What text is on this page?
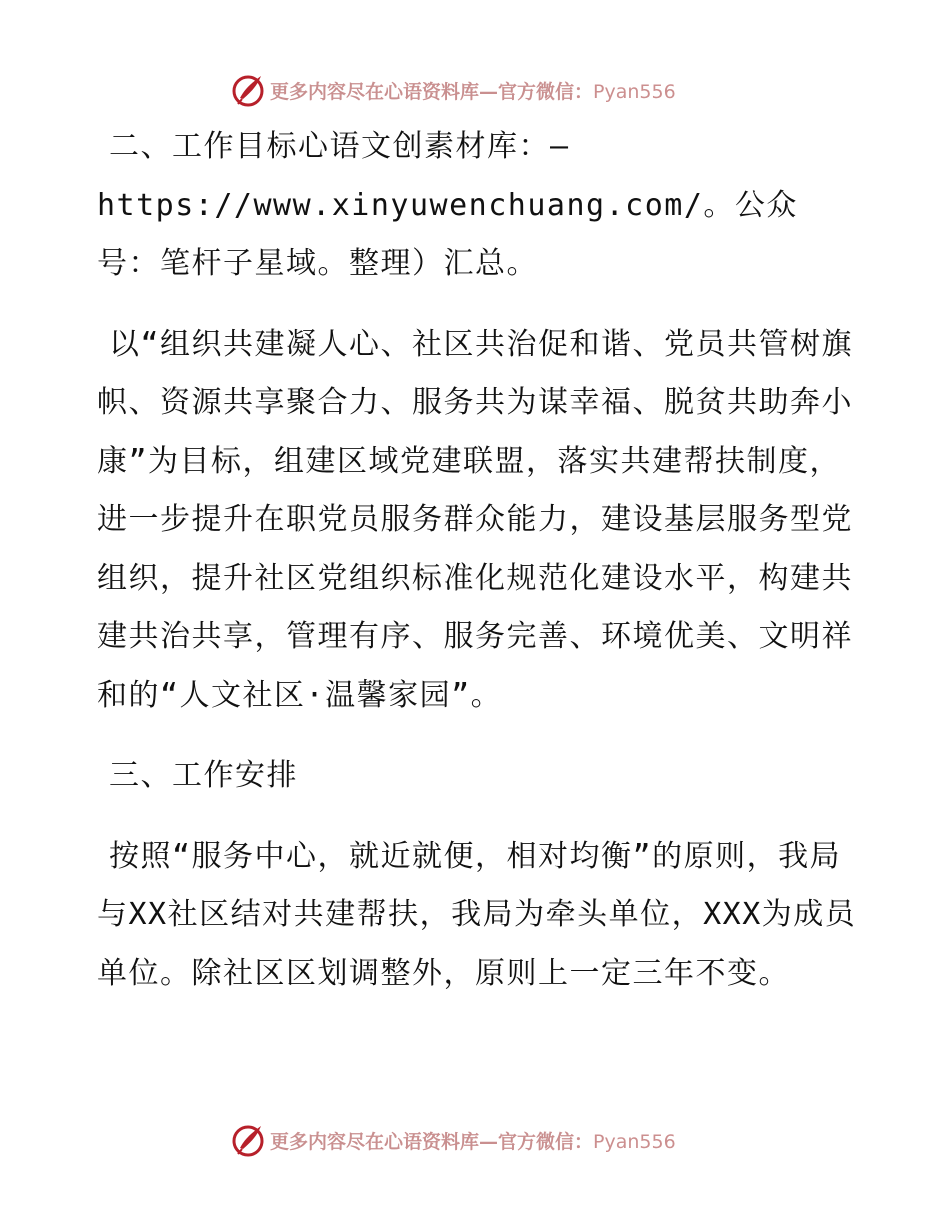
更多内容尽在心语资料库—官方微信：Pyan556

二、工作目标心语文创素材库：—https://www.xinyuwenchuang.com/。公众号：笔杆子星域。整理）汇总。

以“组织共建凝人心、社区共治促和谐、党员共管树旗帜、资源共享聚合力、服务共为谋幸福、脱贫共助奔小康”为目标，组建区域党建联盟，落实共建帮扶制度，进一步提升在职党员服务群众能力，建设基层服务型党组织，提升社区党组织标准化规范化建设水平，构建共建共治共享，管理有序、服务完善、环境优美、文明祥和的“人文社区·温馨家园”。

三、工作安排

按照“服务中心，就近就便，相对均衡”的原则，我局与XX社区结对共建帮扶，我局为牵头单位，XXX为成员单位。除社区区划调整外，原则上一定三年不变。

更多内容尽在心语资料库—官方微信：Pyan556
